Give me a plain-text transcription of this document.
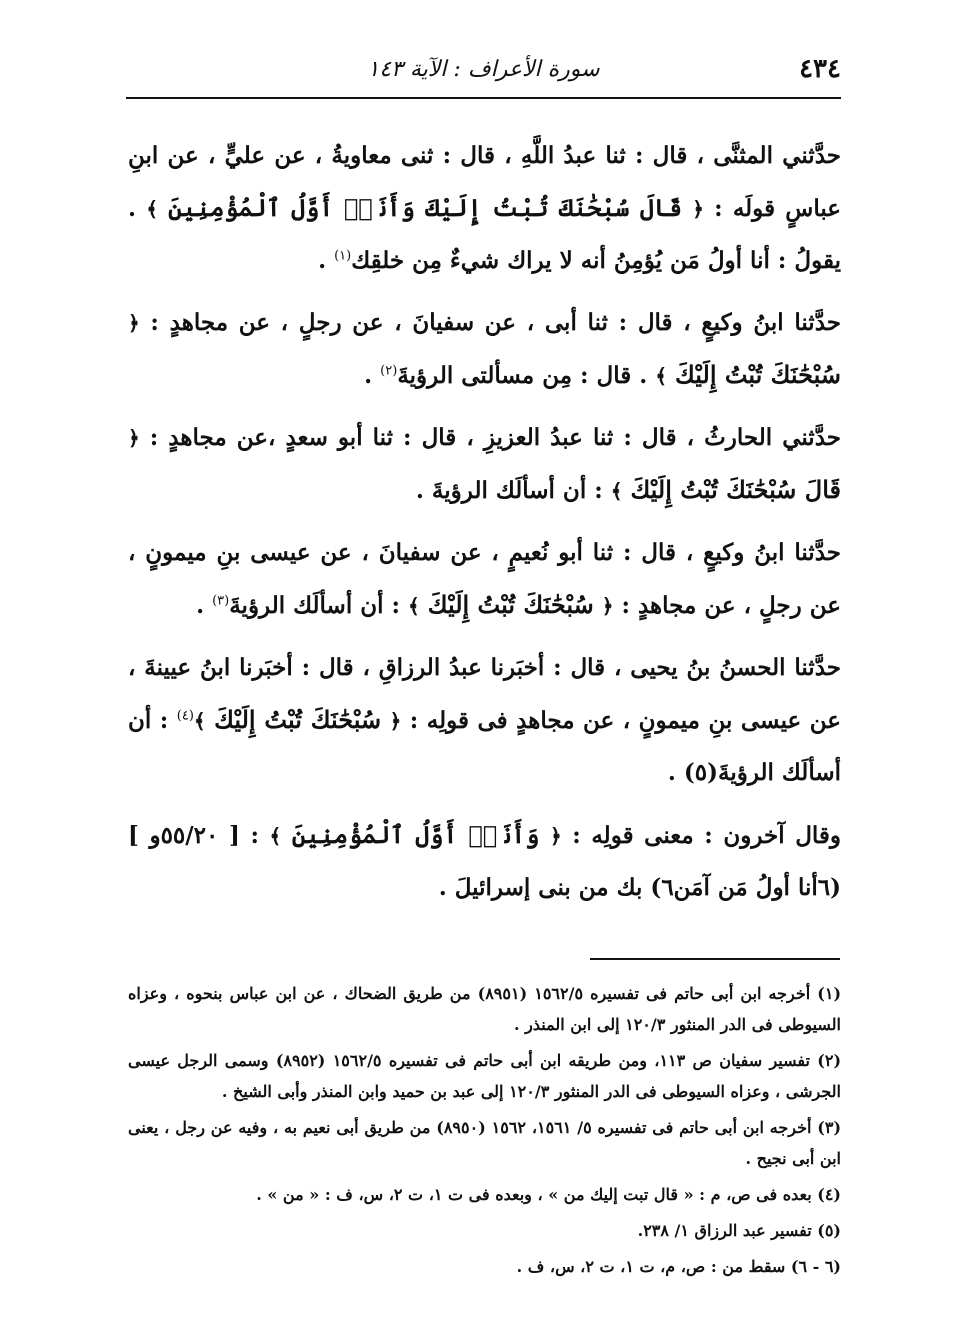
٤٣٤
سورة الأعراف : الآية ١٤٣

حدَّثني المثنَّى ، قال : ثنا عبدُ اللَّهِ ، قال : ثنى معاويةُ ، عن عليٍّ ، عن ابنِ عباسٍ قولَه : ﴿ قَالَ سُبْحَٰنَكَ تُبْتُ إِلَيْكَ وَأَنَا۠ أَوَّلُ ٱلْمُؤْمِنِينَ ﴾ . يقولُ : أنا أولُ مَن يُؤمِنُ أنه لا يراك شيءٌ مِن خلقِك$^{(١)}$ .

حدَّثنا ابنُ وكيعٍ ، قال : ثنا أبى ، عن سفيانَ ، عن رجلٍ ، عن مجاهدٍ : ﴿ سُبْحَٰنَكَ تُبْتُ إِلَيْكَ ﴾ . قال : مِن مسألتى الرؤيةَ$^{(٢)}$ .

حدَّثني الحارثُ ، قال : ثنا عبدُ العزيزِ ، قال : ثنا أبو سعدٍ ،عن مجاهدٍ : ﴿ قَالَ سُبْحَٰنَكَ تُبْتُ إِلَيْكَ ﴾ : أن أسألَك الرؤيةَ .

حدَّثنا ابنُ وكيعٍ ، قال : ثنا أبو نُعيمٍ ، عن سفيانَ ، عن عيسى بنِ ميمونٍ ، عن رجلٍ ، عن مجاهدٍ : ﴿ سُبْحَٰنَكَ تُبْتُ إِلَيْكَ ﴾ : أن أسألَك الرؤيةَ$^{(٣)}$ .

حدَّثنا الحسنُ بنُ يحيى ، قال : أخبَرنا عبدُ الرزاقِ ، قال : أخبَرنا ابنُ عيينةَ ، عن عيسى بنِ ميمونٍ ، عن مجاهدٍ فى قولِه : ﴿ سُبْحَٰنَكَ تُبْتُ إِلَيْكَ ﴾$^{(٤)}$ : أن أسألَك الرؤيةَ(٥) .

وقال آخرون : معنى قولِه : ﴿ وَأَنَا۠ أَوَّلُ ٱلْمُؤْمِنِينَ ﴾ : [ ٥٥/٢٠و ] (٦أنا أولُ مَن آمَن٦) بك من بنى إسرائيلَ .

(١) أخرجه ابن أبى حاتم فى تفسيره ١٥٦٢/٥ (٨٩٥١) من طريق الضحاك ، عن ابن عباس بنحوه ، وعزاه السيوطى فى الدر المنثور ١٢٠/٣ إلى ابن المنذر .

(٢) تفسير سفيان ص ١١٣، ومن طريقه ابن أبى حاتم فى تفسيره ١٥٦٢/٥ (٨٩٥٢) وسمى الرجل عيسى الجرشى ، وعزاه السيوطى فى الدر المنثور ١٢٠/٣ إلى عبد بن حميد وابن المنذر وأبى الشيخ .

(٣) أخرجه ابن أبى حاتم فى تفسيره ٥/ ١٥٦١، ١٥٦٢ (٨٩٥٠) من طريق أبى نعيم به ، وفيه عن رجل ، يعنى ابن أبى نجيح .

(٤) بعده فى ص، م : « قال تبت إليك من » ، وبعده فى ت ١، ت ٢، س، ف : « من » .

(٥) تفسير عبد الرزاق ١/ ٢٣٨.

(٦ - ٦) سقط من : ص، م، ت ١، ت ٢، س، ف .
